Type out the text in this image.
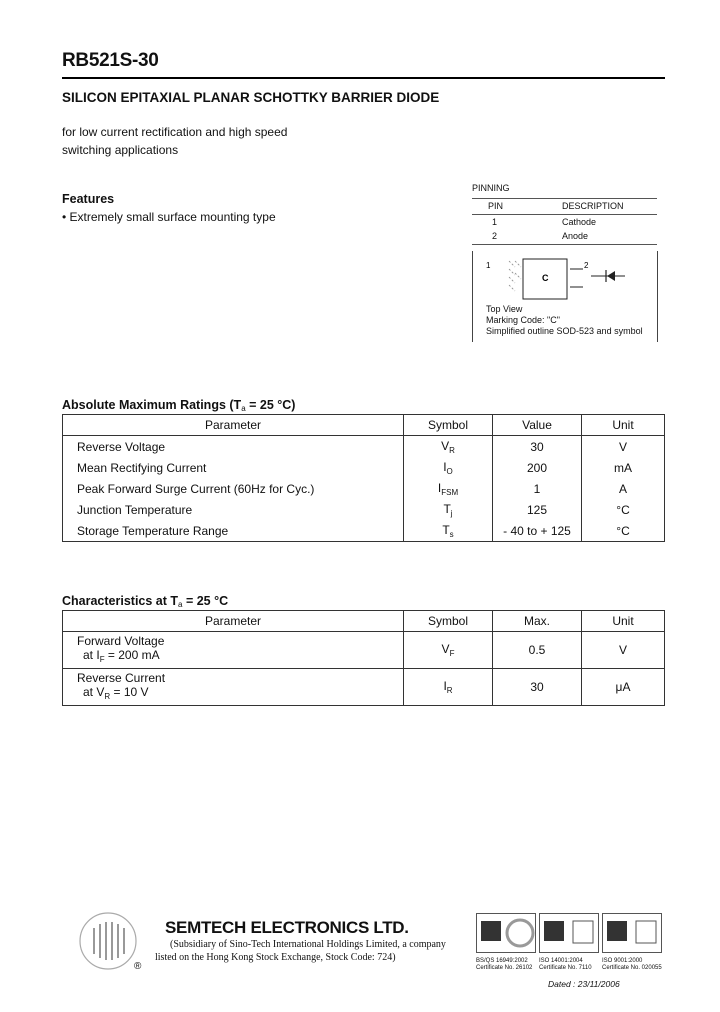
RB521S-30
SILICON EPITAXIAL PLANAR SCHOTTKY BARRIER DIODE
for low current rectification and high speed
switching applications
Features
• Extremely small surface mounting type
PINNING
PIN	DESCRIPTION
1	Cathode
2	Anode
1
C
2
Top View
Marking Code: "C"
Simplified outline SOD-523 and symbol
Absolute Maximum Ratings ($T_a = 25$ °C)
Parameter	Symbol	Value	Unit
Reverse Voltage	$V_R$	30	V
Mean Rectifying Current	$I_O$	200	mA
Peak Forward Surge Current (60Hz for Cyc.)	$I_{FSM}$	1	A
Junction Temperature	$T_j$	125	°C
Storage Temperature Range	$T_s$	- 40 to + 125	°C
Characteristics at $T_a = 25$ °C
Parameter	Symbol	Max.	Unit

Forward Voltage
at $I_F = 200$ mA	$V_F$	0.5	V

Reverse Current
at $V_R = 10$ V	$I_R$	30	μA
®
SEMTECH ELECTRONICS LTD.
(Subsidiary of Sino-Tech International Holdings Limited, a company
listed on the Hong Kong Stock Exchange, Stock Code: 724)	BS/QS 16949:2002
Certificate No. 26102
ISO 14001:2004
Certificate No. 7110
ISO 9001:2000
Certificate No. 020055
Dated : 23/11/2006
